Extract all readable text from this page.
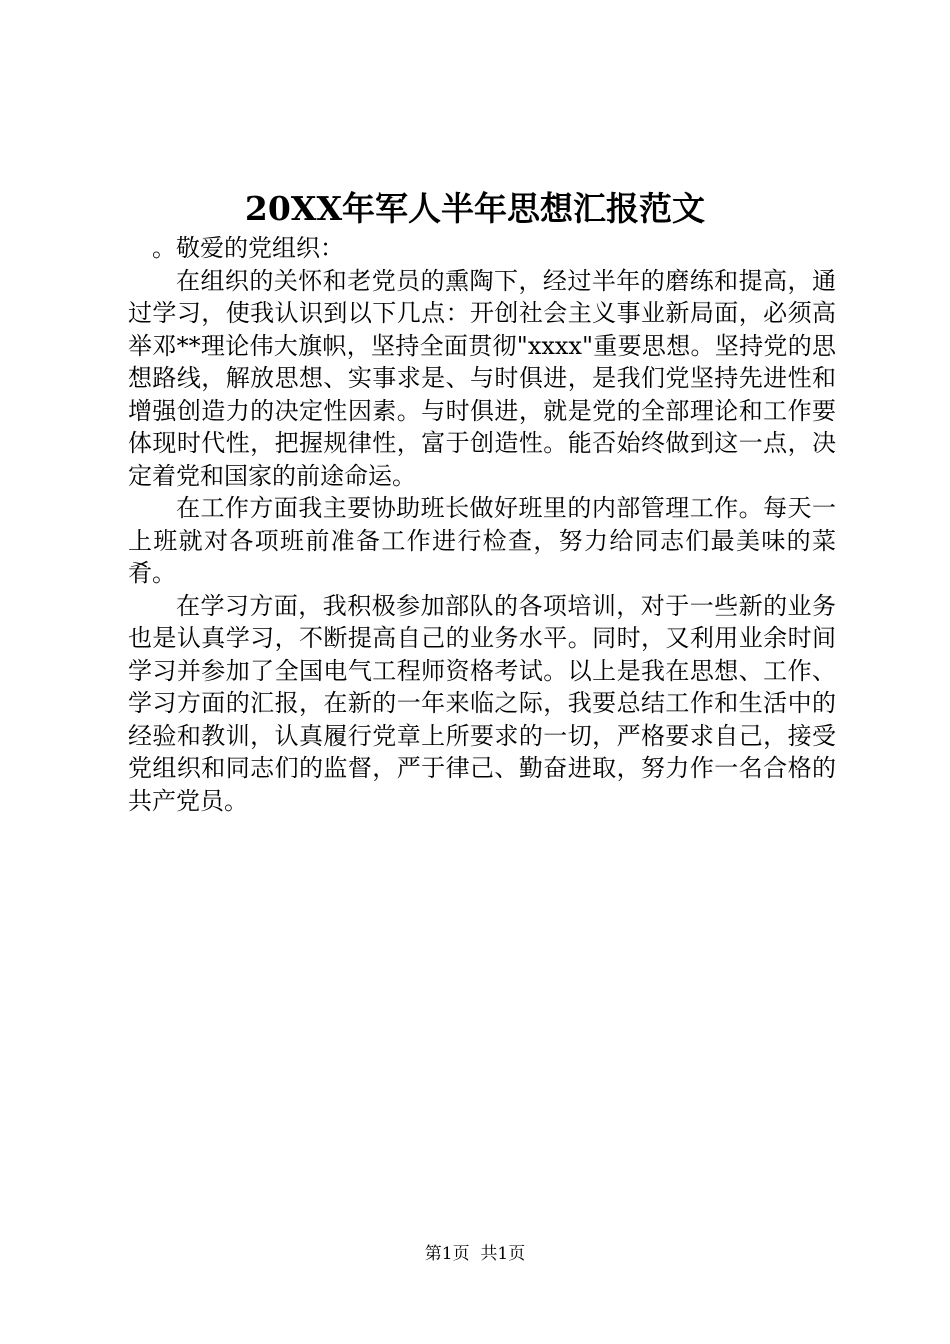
20XX年军人半年思想汇报范文

。敬爱的党组织：

在组织的关怀和老党员的熏陶下，经过半年的磨练和提高，通过学习，使我认识到以下几点：开创社会主义事业新局面，必须高举邓**理论伟大旗帜，坚持全面贯彻"xxxx"重要思想。坚持党的思想路线，解放思想、实事求是、与时俱进，是我们党坚持先进性和增强创造力的决定性因素。与时俱进，就是党的全部理论和工作要体现时代性，把握规律性，富于创造性。能否始终做到这一点，决定着党和国家的前途命运。

在工作方面我主要协助班长做好班里的内部管理工作。每天一上班就对各项班前准备工作进行检查，努力给同志们最美味的菜肴。

在学习方面，我积极参加部队的各项培训，对于一些新的业务也是认真学习，不断提高自己的业务水平。同时，又利用业余时间学习并参加了全国电气工程师资格考试。以上是我在思想、工作、学习方面的汇报，在新的一年来临之际，我要总结工作和生活中的经验和教训，认真履行党章上所要求的一切，严格要求自己，接受党组织和同志们的监督，严于律己、勤奋进取，努力作一名合格的共产党员。

第1页 共1页
